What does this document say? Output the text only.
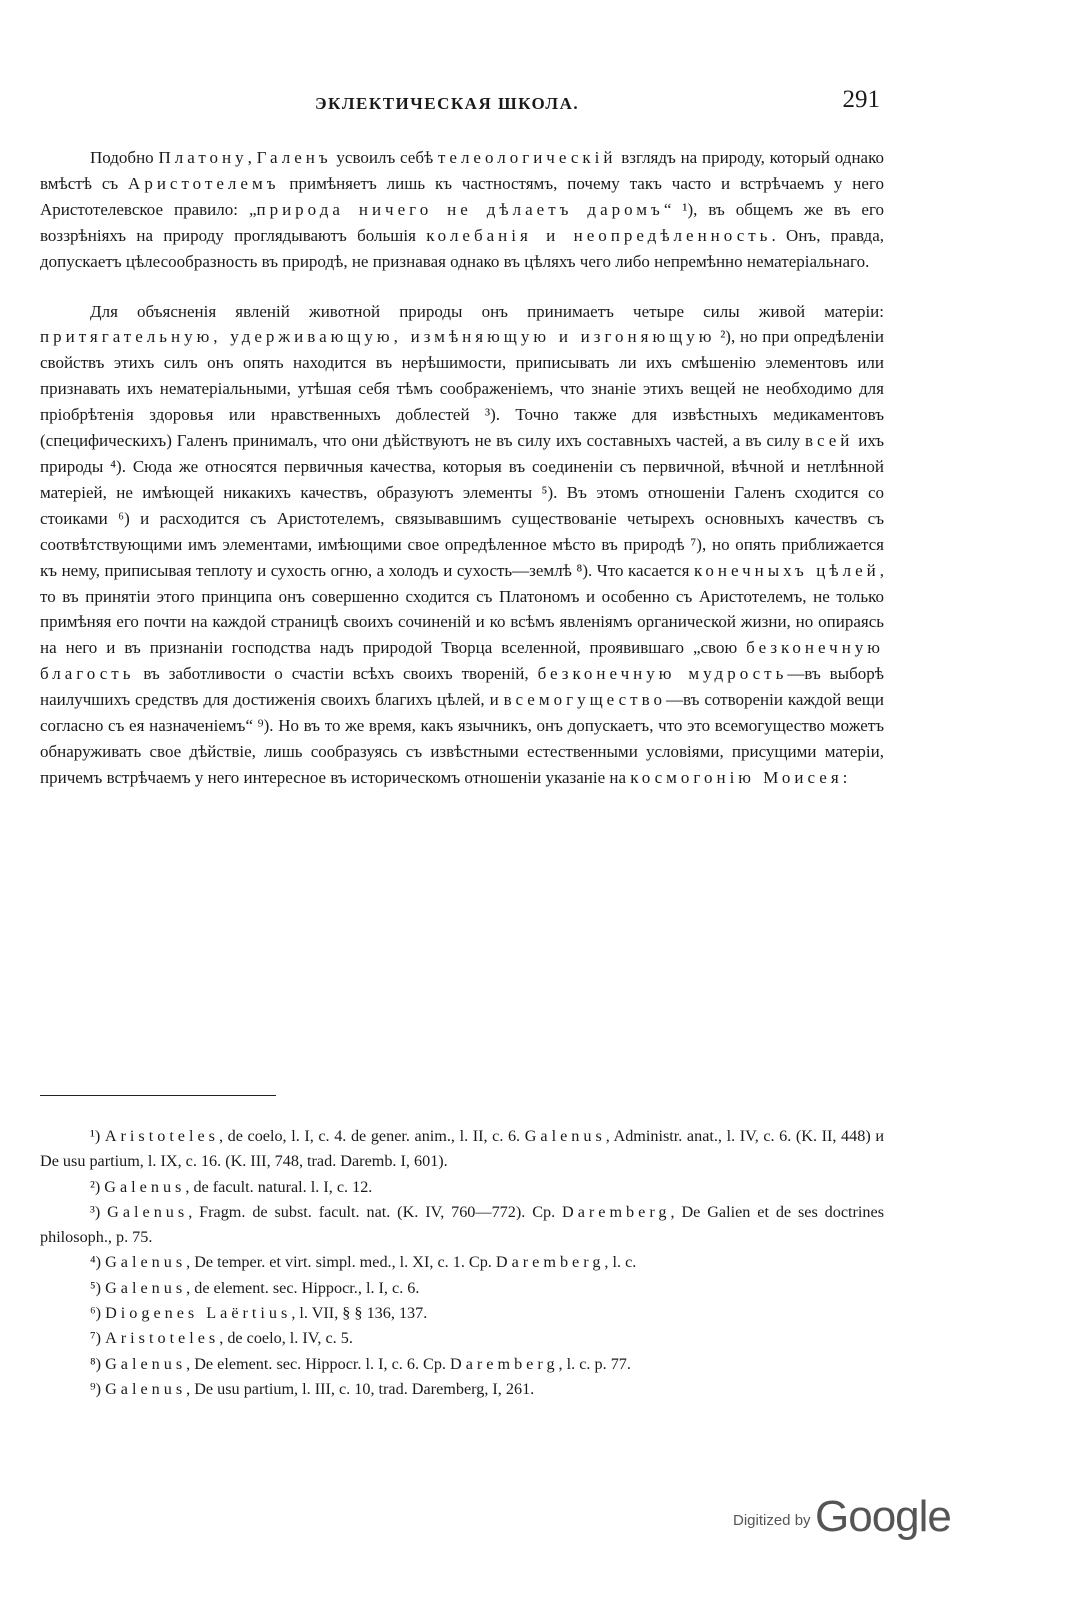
ЭКЛЕКТИЧЕСКАЯ ШКОЛА.	291

Подобно Платону, Галенъ усвоилъ себѣ телеологическій взглядъ на природу, который однако вмѣстѣ съ Аристотелемъ примѣняетъ лишь къ частностямъ, почему такъ часто и встрѣчаемъ у него Аристотелевское правило: „природа ничего не дѣлаетъ даромъ“ ¹), въ общемъ же въ его воззрѣніяхъ на природу проглядываютъ большія колебанія и неопредѣленность. Онъ, правда, допускаетъ цѣлесообразность въ природѣ, не признавая однако въ цѣляхъ чего либо непремѣнно нематеріальнаго.

Для объясненія явленій животной природы онъ принимаетъ четыре силы живой матеріи: притягательную, удерживающую, измѣняющую и изгоняющую ²), но при опредѣленіи свойствъ этихъ силъ онъ опять находится въ нерѣшимости, приписывать ли ихъ смѣшенію элементовъ или признавать ихъ нематеріальными, утѣшая себя тѣмъ соображеніемъ, что знаніе этихъ вещей не необходимо для пріобрѣтенія здоровья или нравственныхъ доблестей ³). Точно также для извѣстныхъ медикаментовъ (специфическихъ) Галенъ принималъ, что они дѣйствуютъ не въ силу ихъ составныхъ частей, а въ силу всей ихъ природы ⁴). Сюда же относятся первичныя качества, которыя въ соединеніи съ первичной, вѣчной и нетлѣнной матеріей, не имѣющей никакихъ качествъ, образуютъ элементы ⁵). Въ этомъ отношеніи Галенъ сходится со стоиками ⁶) и расходится съ Аристотелемъ, связывавшимъ существованіе четырехъ основныхъ качествъ съ соотвѣтствующими имъ элементами, имѣющими свое опредѣленное мѣсто въ природѣ ⁷), но опять приближается къ нему, приписывая теплоту и сухость огню, а холодъ и сухость—землѣ ⁸). Что касается конечныхъ цѣлей, то въ принятіи этого принципа онъ совершенно сходится съ Платономъ и особенно съ Аристотелемъ, не только примѣняя его почти на каждой страницѣ своихъ сочиненій и ко всѣмъ явленіямъ органической жизни, но опираясь на него и въ признаніи господства надъ природой Творца вселенной, проявившаго „свою безконечную благость въ заботливости о счастіи всѣхъ своихъ твореній, безконечную мудрость—въ выборѣ наилучшихъ средствъ для достиженія своихъ благихъ цѣлей, и всемогущество—въ сотвореніи каждой вещи согласно съ ея назначеніемъ“ ⁹). Но въ то же время, какъ язычникъ, онъ допускаетъ, что это всемогущество можетъ обнаруживать свое дѣйствіе, лишь сообразуясь съ извѣстными естественными условіями, присущими матеріи, причемъ встрѣчаемъ у него интересное въ историческомъ отношеніи указаніе на космогонію Моисея:

¹) Aristoteles, de coelo, l. I, c. 4. de gener. anim., l. II, c. 6. Galenus, Administr. anat., l. IV, c. 6. (K. II, 448) и De usu partium, l. IX, c. 16. (K. III, 748, trad. Daremb. I, 601).

²) Galenus, de facult. natural. l. I, c. 12.

³) Galenus, Fragm. de subst. facult. nat. (K. IV, 760—772). Ср. Daremberg, De Galien et de ses doctrines philosoph., p. 75.

⁴) Galenus, De temper. et virt. simpl. med., l. XI, c. 1. Ср. Daremberg, l. c.

⁵) Galenus, de element. sec. Hippocr., l. I, c. 6.

⁶) Diogenes Laërtius, l. VII, § § 136, 137.

⁷) Aristoteles, de coelo, l. IV, c. 5.

⁸) Galenus, De element. sec. Hippocr. l. I, c. 6. Ср. Daremberg, l. c. p. 77.

⁹) Galenus, De usu partium, l. III, c. 10, trad. Daremberg, I, 261.

Digitized by Google
